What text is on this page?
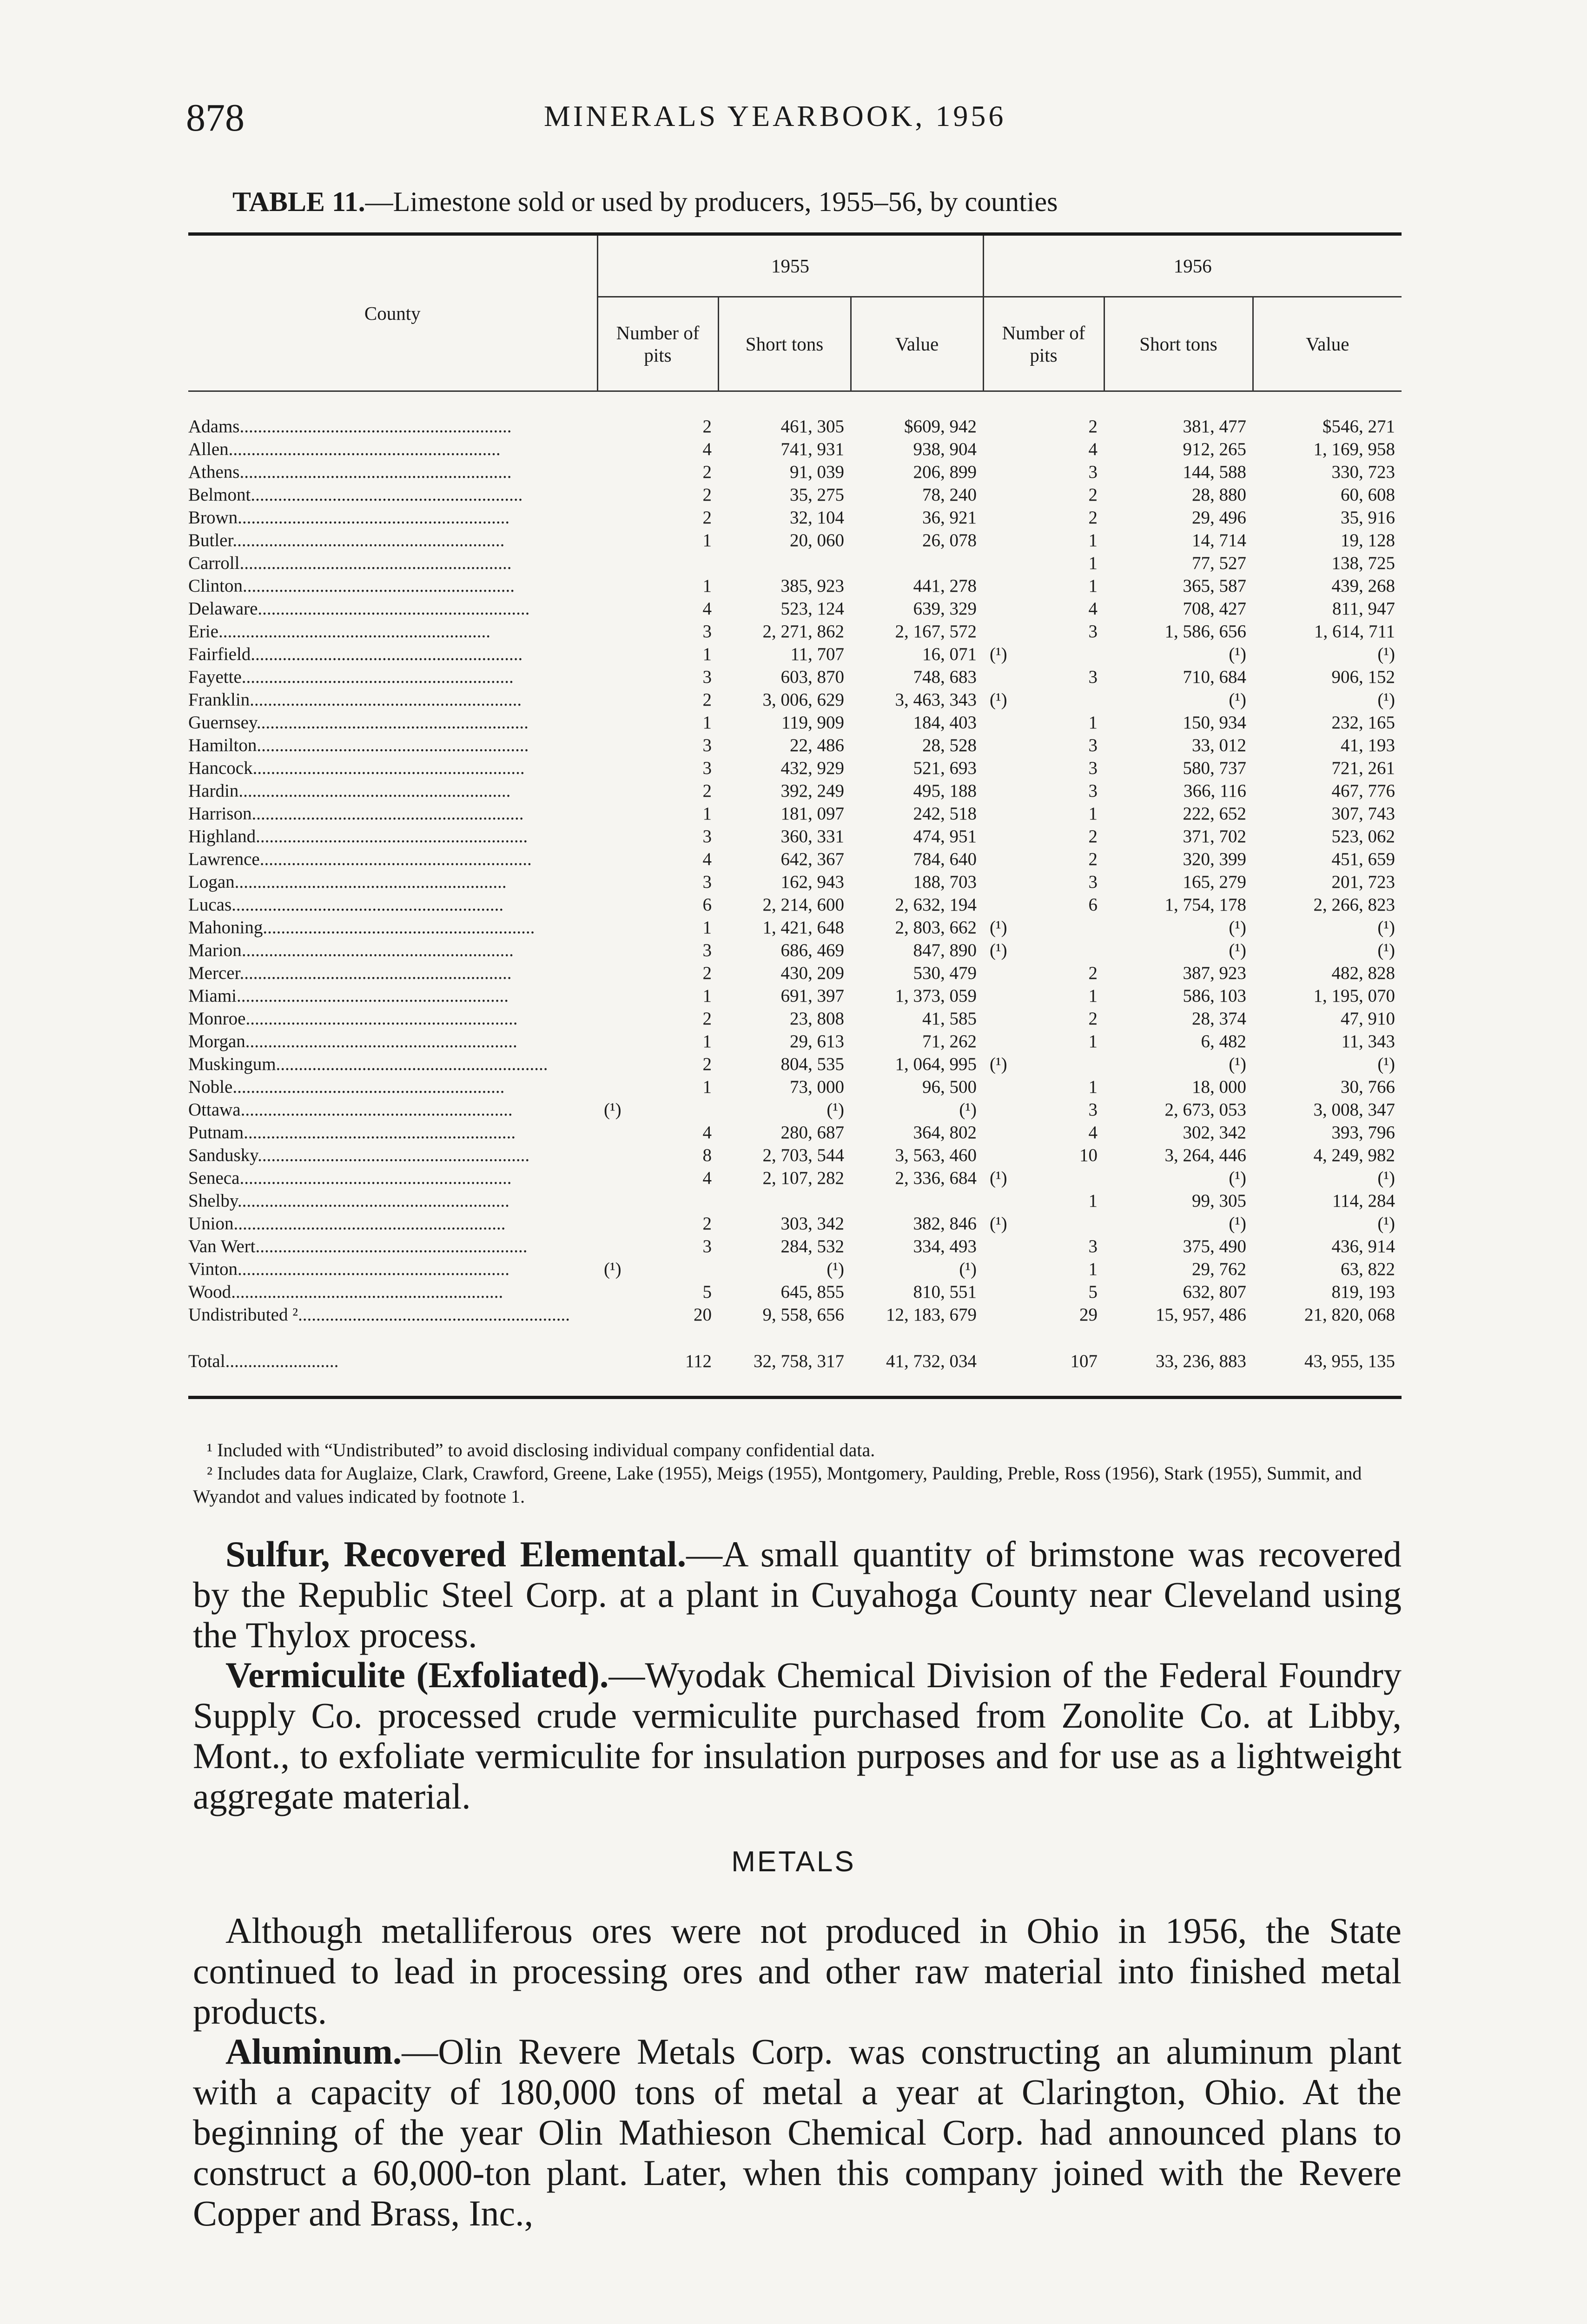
878	MINERALS YEARBOOK, 1956
TABLE 11.—Limestone sold or used by producers, 1955–56, by counties

County	1955			1956		
	Number of pits	Short tons	Value	Number of pits	Short tons	Value

Adams............................................................	2	461, 305	$609, 942	2	381, 477	$546, 271
Allen............................................................	4	741, 931	938, 904	4	912, 265	1, 169, 958
Athens............................................................	2	91, 039	206, 899	3	144, 588	330, 723
Belmont............................................................	2	35, 275	78, 240	2	28, 880	60, 608
Brown............................................................	2	32, 104	36, 921	2	29, 496	35, 916
Butler............................................................	1	20, 060	26, 078	1	14, 714	19, 128
Carroll............................................................				1	77, 527	138, 725
Clinton............................................................	1	385, 923	441, 278	1	365, 587	439, 268
Delaware............................................................	4	523, 124	639, 329	4	708, 427	811, 947
Erie............................................................	3	2, 271, 862	2, 167, 572	3	1, 586, 656	1, 614, 711
Fairfield............................................................	1	11, 707	16, 071	(¹)	(¹)	(¹)
Fayette............................................................	3	603, 870	748, 683	3	710, 684	906, 152
Franklin............................................................	2	3, 006, 629	3, 463, 343	(¹)	(¹)	(¹)
Guernsey............................................................	1	119, 909	184, 403	1	150, 934	232, 165
Hamilton............................................................	3	22, 486	28, 528	3	33, 012	41, 193
Hancock............................................................	3	432, 929	521, 693	3	580, 737	721, 261
Hardin............................................................	2	392, 249	495, 188	3	366, 116	467, 776
Harrison............................................................	1	181, 097	242, 518	1	222, 652	307, 743
Highland............................................................	3	360, 331	474, 951	2	371, 702	523, 062
Lawrence............................................................	4	642, 367	784, 640	2	320, 399	451, 659
Logan............................................................	3	162, 943	188, 703	3	165, 279	201, 723
Lucas............................................................	6	2, 214, 600	2, 632, 194	6	1, 754, 178	2, 266, 823
Mahoning............................................................	1	1, 421, 648	2, 803, 662	(¹)	(¹)	(¹)
Marion............................................................	3	686, 469	847, 890	(¹)	(¹)	(¹)
Mercer............................................................	2	430, 209	530, 479	2	387, 923	482, 828
Miami............................................................	1	691, 397	1, 373, 059	1	586, 103	1, 195, 070
Monroe............................................................	2	23, 808	41, 585	2	28, 374	47, 910
Morgan............................................................	1	29, 613	71, 262	1	6, 482	11, 343
Muskingum............................................................	2	804, 535	1, 064, 995	(¹)	(¹)	(¹)
Noble............................................................	1	73, 000	96, 500	1	18, 000	30, 766
Ottawa............................................................	(¹)	(¹)	(¹)	3	2, 673, 053	3, 008, 347
Putnam............................................................	4	280, 687	364, 802	4	302, 342	393, 796
Sandusky............................................................	8	2, 703, 544	3, 563, 460	10	3, 264, 446	4, 249, 982
Seneca............................................................	4	2, 107, 282	2, 336, 684	(¹)	(¹)	(¹)
Shelby............................................................				1	99, 305	114, 284
Union............................................................	2	303, 342	382, 846	(¹)	(¹)	(¹)
Van Wert............................................................	3	284, 532	334, 493	3	375, 490	436, 914
Vinton............................................................	(¹)	(¹)	(¹)	1	29, 762	63, 822
Wood............................................................	5	645, 855	810, 551	5	632, 807	819, 193
Undistributed ²............................................................	20	9, 558, 656	12, 183, 679	29	15, 957, 486	21, 820, 068

Total.........................	112	32, 758, 317	41, 732, 034	107	33, 236, 883	43, 955, 135

¹ Included with “Undistributed” to avoid disclosing individual company confidential data.

² Includes data for Auglaize, Clark, Crawford, Greene, Lake (1955), Meigs (1955), Montgomery, Paulding, Preble, Ross (1956), Stark (1955), Summit, and Wyandot and values indicated by footnote 1.

Sulfur, Recovered Elemental.—A small quantity of brimstone was recovered by the Republic Steel Corp. at a plant in Cuyahoga County near Cleveland using the Thylox process.

Vermiculite (Exfoliated).—Wyodak Chemical Division of the Federal Foundry Supply Co. processed crude vermiculite purchased from Zonolite Co. at Libby, Mont., to exfoliate vermiculite for insulation purposes and for use as a lightweight aggregate material.

METALS

Although metalliferous ores were not produced in Ohio in 1956, the State continued to lead in processing ores and other raw material into finished metal products.

Aluminum.—Olin Revere Metals Corp. was constructing an aluminum plant with a capacity of 180,000 tons of metal a year at Clarington, Ohio. At the beginning of the year Olin Mathieson Chemical Corp. had announced plans to construct a 60,000-ton plant. Later, when this company joined with the Revere Copper and Brass, Inc.,
